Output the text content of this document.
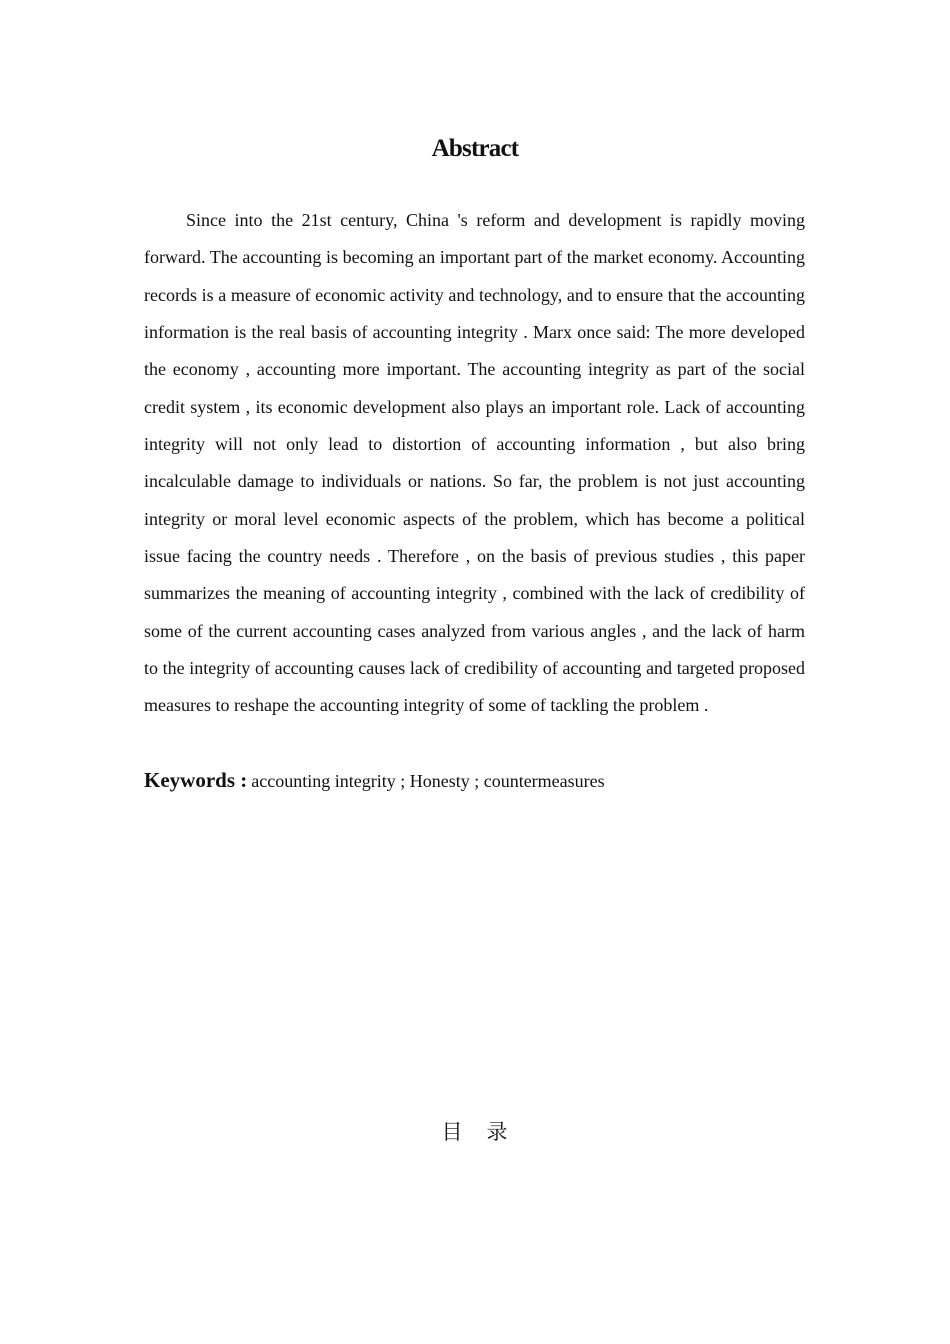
Abstract

Since into the 21st century, China 's reform and development is rapidly moving forward. The accounting is becoming an important part of the market economy. Accounting records is a measure of economic activity and technology, and to ensure that the accounting information is the real basis of accounting integrity . Marx once said: The more developed the economy , accounting more important. The accounting integrity as part of the social credit system , its economic development also plays an important role. Lack of accounting integrity will not only lead to distortion of accounting information , but also bring incalculable damage to individuals or nations. So far, the problem is not just accounting integrity or moral level economic aspects of the problem, which has become a political issue facing the country needs . Therefore , on the basis of previous studies , this paper summarizes the meaning of accounting integrity , combined with the lack of credibility of some of the current accounting cases analyzed from various angles , and the lack of harm to the integrity of accounting causes lack of credibility of accounting and targeted proposed measures to reshape the accounting integrity of some of tackling the problem .

Keywords : accounting integrity ; Honesty ; countermeasures
目   录
